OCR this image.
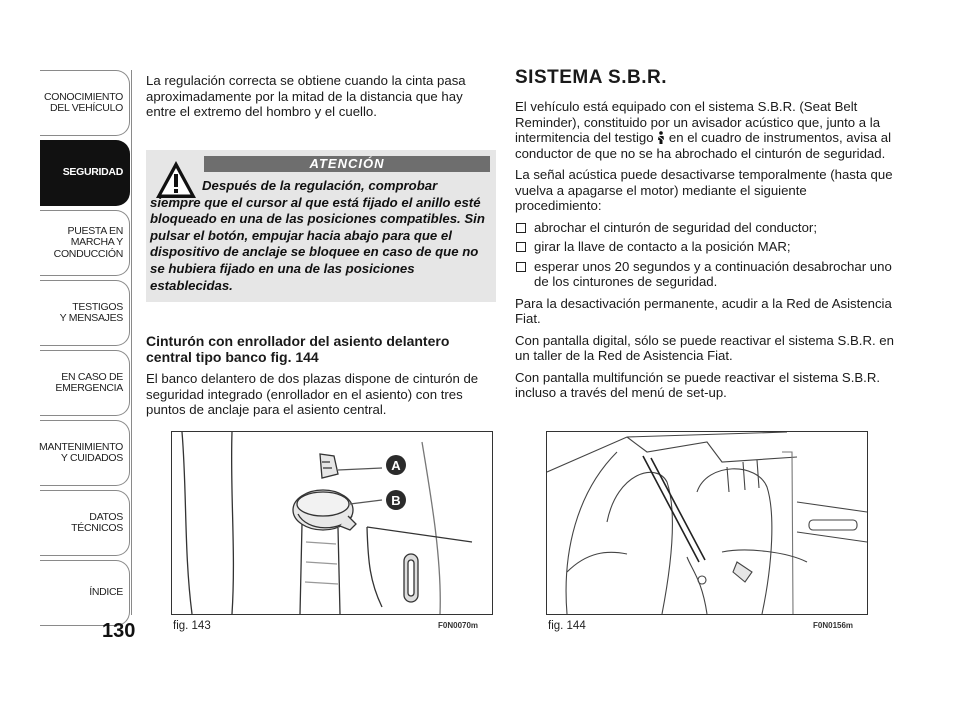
CONOCIMIENTO
DEL VEHÍCULO
SEGURIDAD
PUESTA EN
MARCHA Y
CONDUCCIÓN
TESTIGOS
Y MENSAJES
EN CASO DE
EMERGENCIA
MANTENIMIENTO
Y CUIDADOS
DATOS
TÉCNICOS
ÍNDICE
130

La regulación correcta se obtiene cuando la cinta pasa aproximadamente por la mitad de la distancia que hay entre el extremo del hombro y el cuello.

ATENCIÓN
Después de la regulación, comprobar siempre que el cursor al que está fijado el anillo esté bloqueado en una de las posiciones compatibles. Sin pulsar el botón, empujar hacia abajo para que el dispositivo de anclaje se bloquee en caso de que no se hubiera fijado en una de las posiciones establecidas.
Cinturón con enrollador del asiento delantero central tipo banco fig. 144

El banco delantero de dos plazas dispone de cinturón de seguridad integrado (enrollador en el asiento) con tres puntos de anclaje para el asiento central.

SISTEMA S.B.R.

El vehículo está equipado con el sistema S.B.R. (Seat Belt Reminder), constituido por un avisador acústico que, junto a la intermitencia del testigo en el cuadro de instrumentos, avisa al conductor de que no se ha abrochado el cinturón de seguridad.

La señal acústica puede desactivarse temporalmente (hasta que vuelva a apagarse el motor) mediante el siguiente procedimiento:

abrochar el cinturón de seguridad del conductor;
girar la llave de contacto a la posición MAR;
esperar unos 20 segundos y a continuación desabrochar uno de los cinturones de seguridad.

Para la desactivación permanente, acudir a la Red de Asistencia Fiat.

Con pantalla digital, sólo se puede reactivar el sistema S.B.R. en un taller de la Red de Asistencia Fiat.

Con pantalla multifunción se puede reactivar el sistema S.B.R. incluso a través del menú de set-up.

A
B
fig. 143	F0N0070m	fig. 144	F0N0156m
